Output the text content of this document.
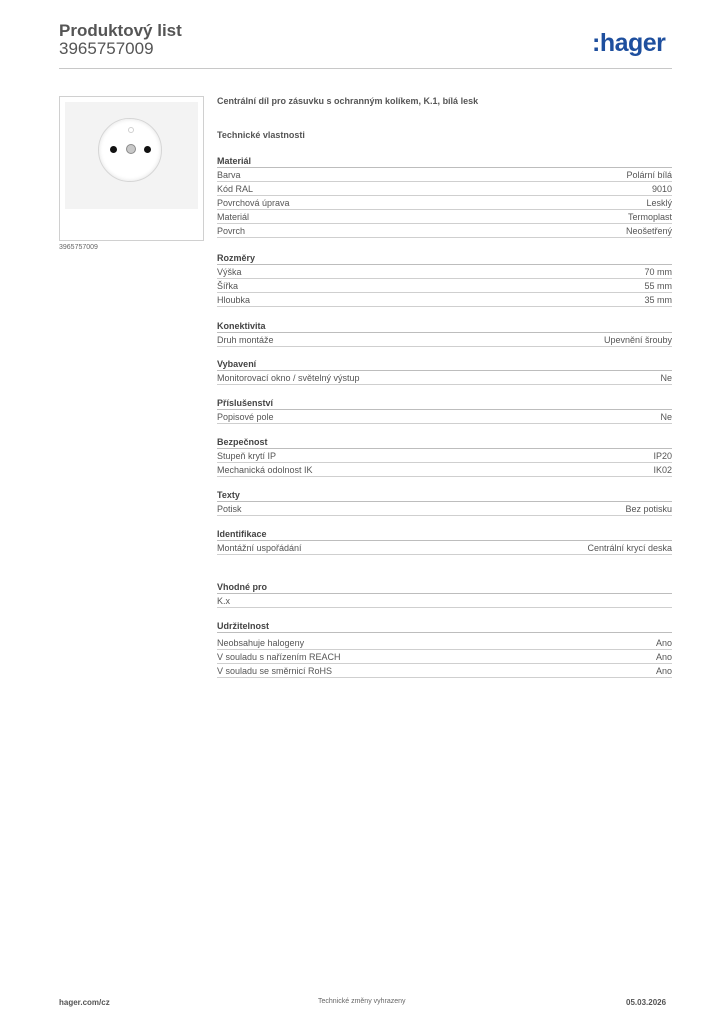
Produktový list
3965757009	:hager
3965757009
Centrální díl pro zásuvku s ochranným kolíkem, K.1, bílá lesk
Technické vlastnosti
Materiál
Barva	Polární bílá
Kód RAL	9010
Povrchová úprava	Lesklý
Materiál	Termoplast
Povrch	Neošetřený
Rozměry
Výška	70 mm
Šířka	55 mm
Hloubka	35 mm
Konektivita
Druh montáže	Upevnění šrouby
Vybavení
Monitorovací okno / světelný výstup	Ne
Příslušenství
Popisové pole	Ne
Bezpečnost
Stupeň krytí IP	IP20
Mechanická odolnost IK	IK02
Texty
Potisk	Bez potisku
Identifikace
Montážní uspořádání	Centrální krycí deska
Vhodné pro
K.x
Udržitelnost
Neobsahuje halogeny	Ano
V souladu s nařízením REACH	Ano
V souladu se směrnicí RoHS	Ano
hager.com/cz	Technické změny vyhrazeny	05.03.2026
